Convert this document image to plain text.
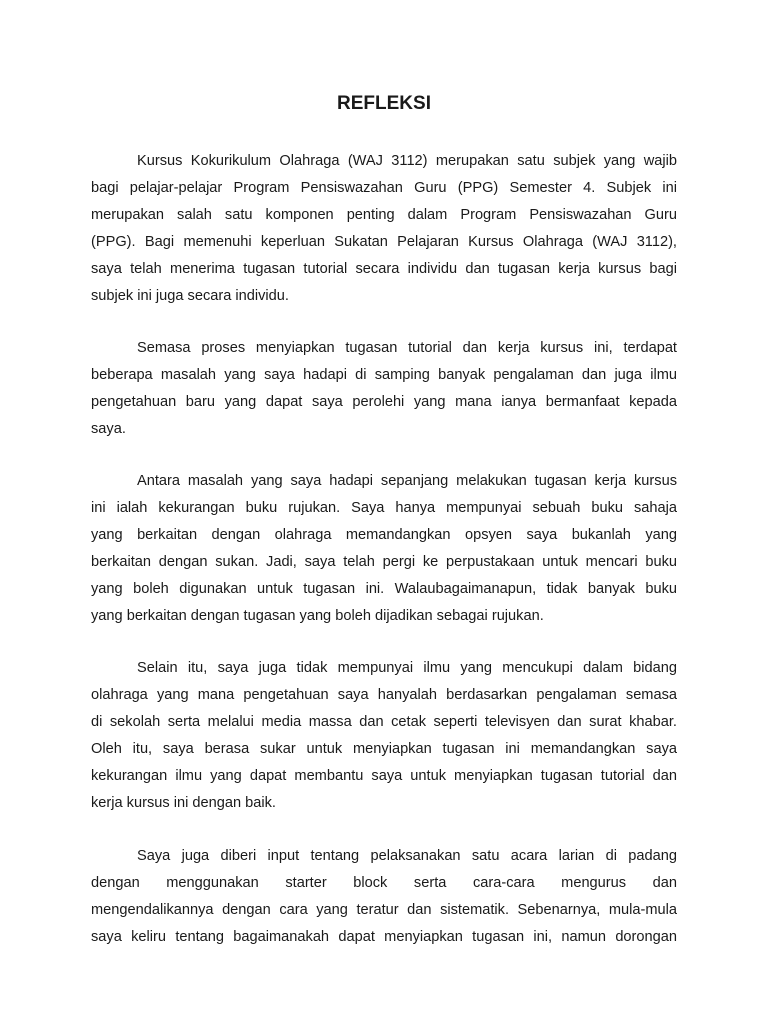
REFLEKSI
Kursus Kokurikulum Olahraga (WAJ 3112) merupakan satu subjek yang wajib
bagi pelajar-pelajar Program Pensiswazahan Guru (PPG) Semester 4. Subjek ini
merupakan salah satu komponen penting dalam Program Pensiswazahan Guru
(PPG). Bagi memenuhi keperluan Sukatan Pelajaran Kursus Olahraga (WAJ 3112),
saya telah menerima tugasan tutorial secara individu dan tugasan kerja kursus bagi
subjek ini juga secara individu.
Semasa proses menyiapkan tugasan tutorial dan kerja kursus ini, terdapat
beberapa masalah yang saya hadapi di samping banyak pengalaman dan juga ilmu
pengetahuan baru yang dapat saya perolehi yang mana ianya bermanfaat kepada
saya.
Antara masalah yang saya hadapi sepanjang melakukan tugasan kerja kursus
ini ialah kekurangan buku rujukan. Saya hanya mempunyai sebuah buku sahaja
yang berkaitan dengan olahraga memandangkan opsyen saya bukanlah yang
berkaitan dengan sukan. Jadi, saya telah pergi ke perpustakaan untuk mencari buku
yang boleh digunakan untuk tugasan ini. Walaubagaimanapun, tidak banyak buku
yang berkaitan dengan tugasan yang boleh dijadikan sebagai rujukan.
Selain itu, saya juga tidak mempunyai ilmu yang mencukupi dalam bidang
olahraga yang mana pengetahuan saya hanyalah berdasarkan pengalaman semasa
di sekolah serta melalui media massa dan cetak seperti televisyen dan surat khabar.
Oleh itu, saya berasa sukar untuk menyiapkan tugasan ini memandangkan saya
kekurangan ilmu yang dapat membantu saya untuk menyiapkan tugasan tutorial dan
kerja kursus ini dengan baik.
Saya juga diberi input tentang pelaksanakan satu acara larian di padang
dengan menggunakan starter block serta cara-cara mengurus dan
mengendalikannya dengan cara yang teratur dan sistematik. Sebenarnya, mula-mula
saya keliru tentang bagaimanakah dapat menyiapkan tugasan ini, namun dorongan
